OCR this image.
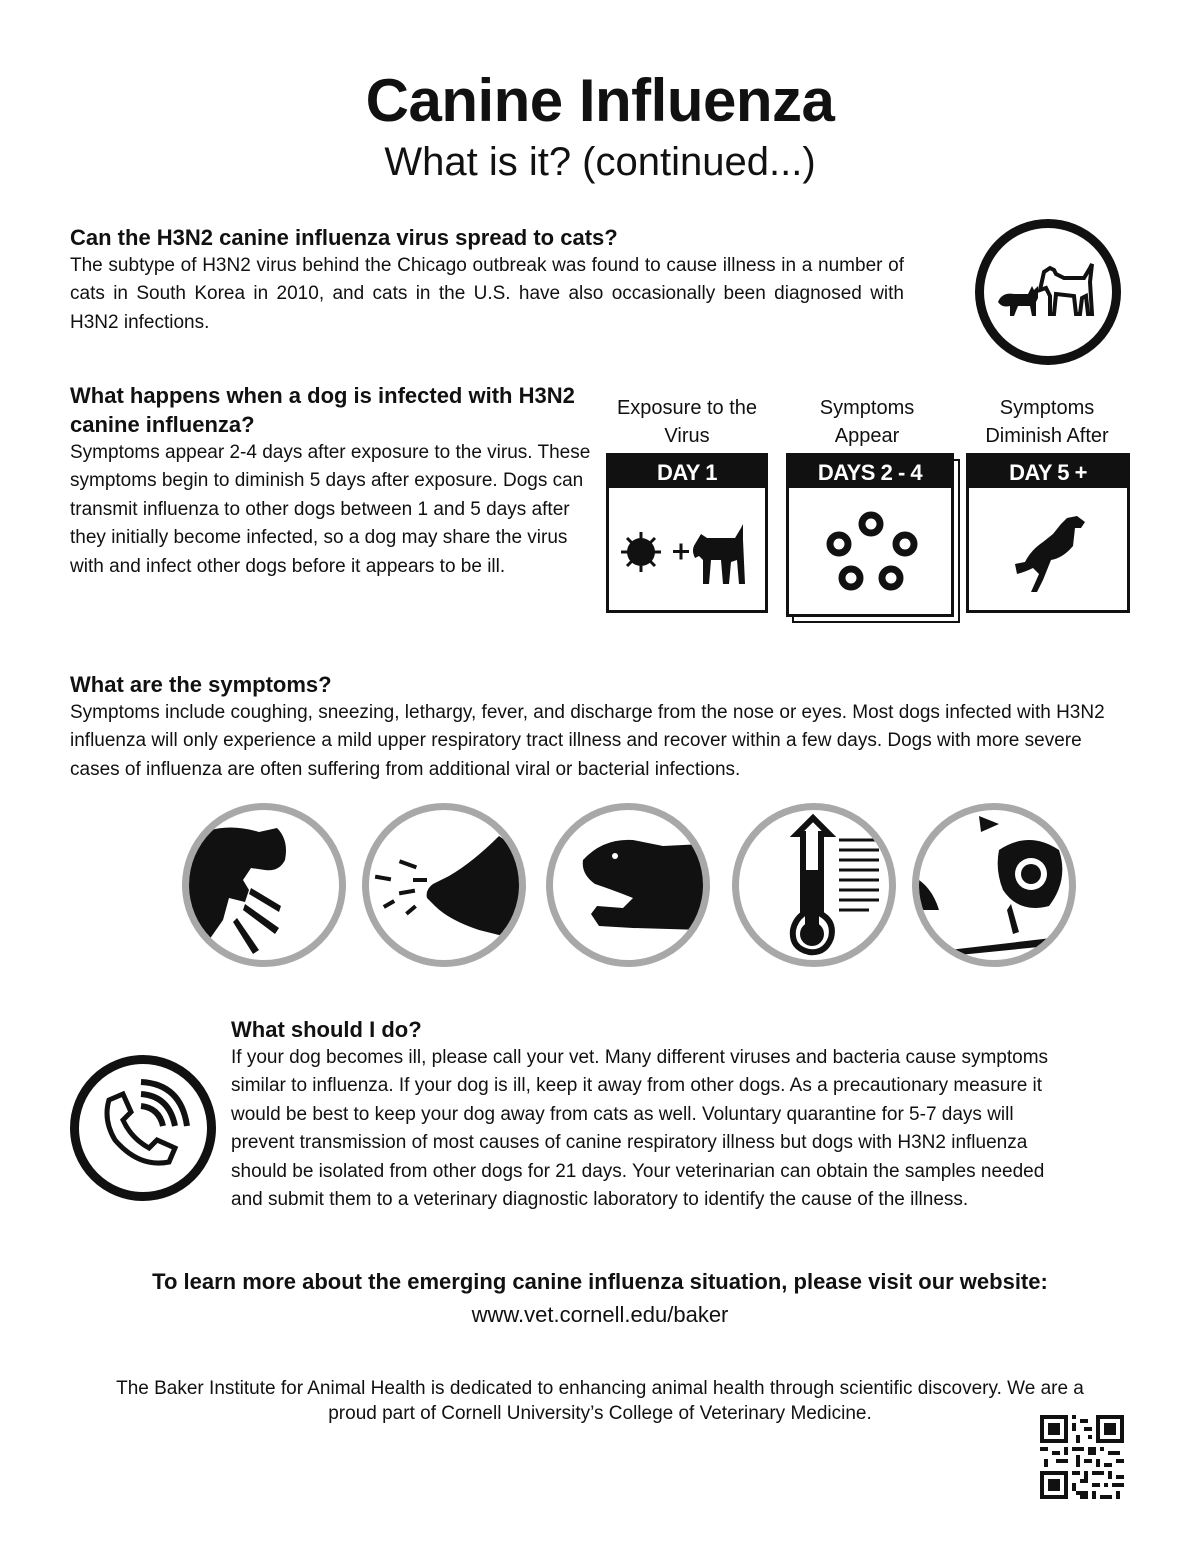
Canine Influenza
What is it? (continued...)
Can the H3N2 canine influenza virus spread to cats?

The subtype of H3N2 virus behind the Chicago outbreak was found to cause illness in a number of cats in South Korea in 2010, and cats in the U.S. have also occasionally been diagnosed with H3N2 infections.

What happens when a dog is infected with H3N2 canine influenza?

Symptoms appear 2-4 days after exposure to the virus. These symptoms begin to diminish 5 days after exposure. Dogs can transmit influenza to other dogs between 1 and 5 days after they initially become infected, so a dog may share the virus with and infect other dogs before it appears to be ill.

Exposure to the Virus
Symptoms Appear
Symptoms Diminish After
DAY 1	DAYS 2 - 4	DAY 5 +
What are the symptoms?

Symptoms include coughing, sneezing, lethargy, fever, and discharge from the nose or eyes. Most dogs infected with H3N2 influenza will only experience a mild upper respiratory tract illness and recover within a few days. Dogs with more severe cases of influenza are often suffering from additional viral or bacterial infections.

What should I do?

If your dog becomes ill, please call your vet. Many different viruses and bacteria cause symptoms similar to influenza. If your dog is ill, keep it away from other dogs. As a precautionary measure it would be best to keep your dog away from cats as well. Voluntary quarantine for 5-7 days will prevent transmission of most causes of canine respiratory illness but dogs with H3N2 influenza should be isolated from other dogs for 21 days. Your veterinarian can obtain the samples needed and submit them to a veterinary diagnostic laboratory to identify the cause of the illness.

To learn more about the emerging canine influenza situation, please visit our website:
www.vet.cornell.edu/baker
The Baker Institute for Animal Health is dedicated to enhancing animal health through scientific discovery. We are a proud part of Cornell University’s College of Veterinary Medicine.
